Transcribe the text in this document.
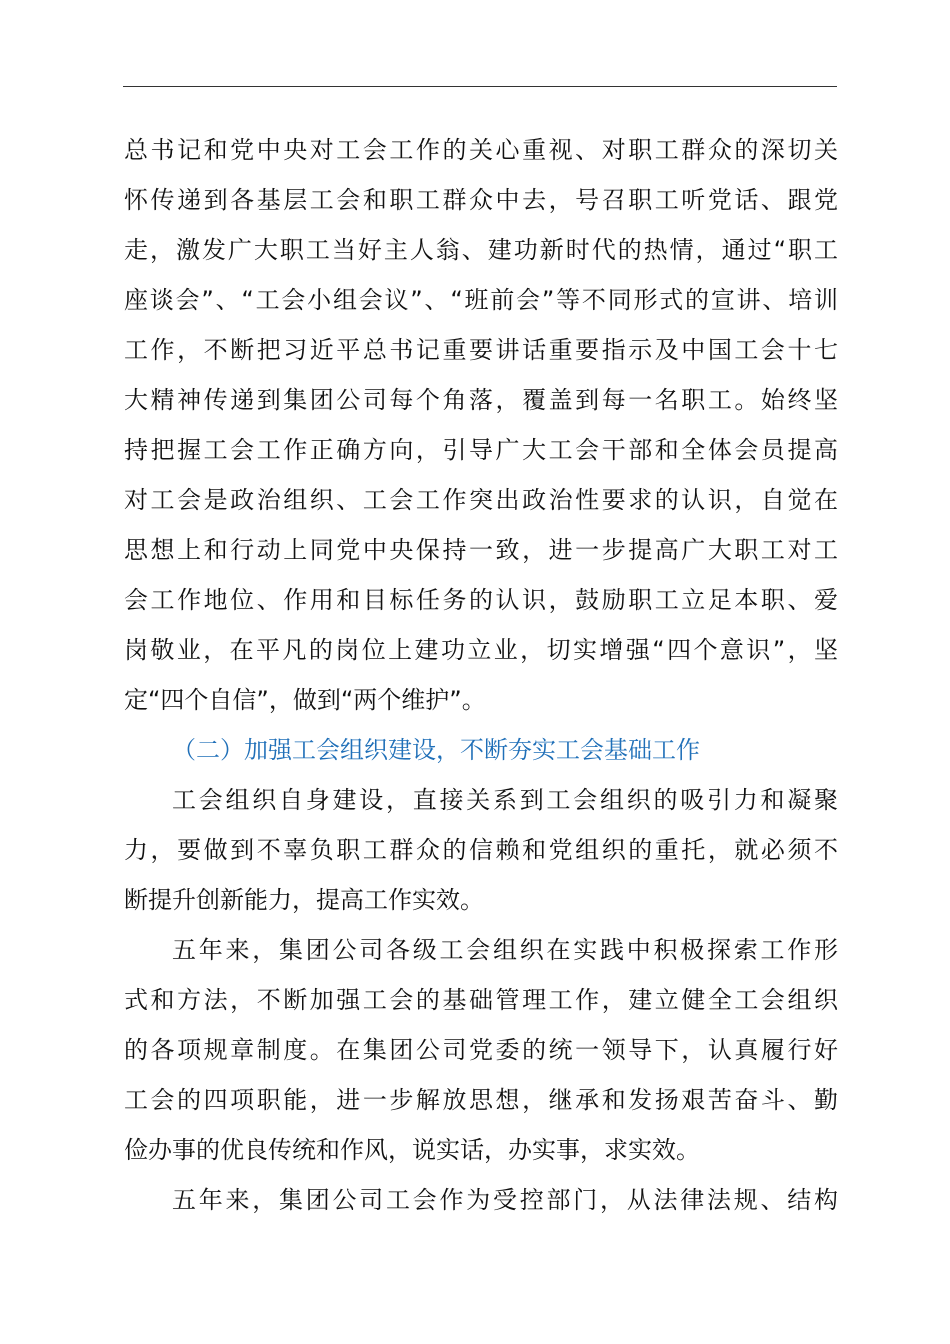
总书记和党中央对工会工作的关心重视、对职工群众的深切关
怀传递到各基层工会和职工群众中去，号召职工听党话、跟党
走，激发广大职工当好主人翁、建功新时代的热情，通过“职工
座谈会”、“工会小组会议”、“班前会”等不同形式的宣讲、培训
工作，不断把习近平总书记重要讲话重要指示及中国工会十七
大精神传递到集团公司每个角落，覆盖到每一名职工。始终坚
持把握工会工作正确方向，引导广大工会干部和全体会员提高
对工会是政治组织、工会工作突出政治性要求的认识，自觉在
思想上和行动上同党中央保持一致，进一步提高广大职工对工
会工作地位、作用和目标任务的认识，鼓励职工立足本职、爱
岗敬业，在平凡的岗位上建功立业，切实增强“四个意识”，坚
定“四个自信”，做到“两个维护”。
（二）加强工会组织建设，不断夯实工会基础工作
工会组织自身建设，直接关系到工会组织的吸引力和凝聚
力，要做到不辜负职工群众的信赖和党组织的重托，就必须不
断提升创新能力，提高工作实效。
五年来，集团公司各级工会组织在实践中积极探索工作形
式和方法，不断加强工会的基础管理工作，建立健全工会组织
的各项规章制度。在集团公司党委的统一领导下，认真履行好
工会的四项职能，进一步解放思想，继承和发扬艰苦奋斗、勤
俭办事的优良传统和作风，说实话，办实事，求实效。
五年来，集团公司工会作为受控部门，从法律法规、结构
